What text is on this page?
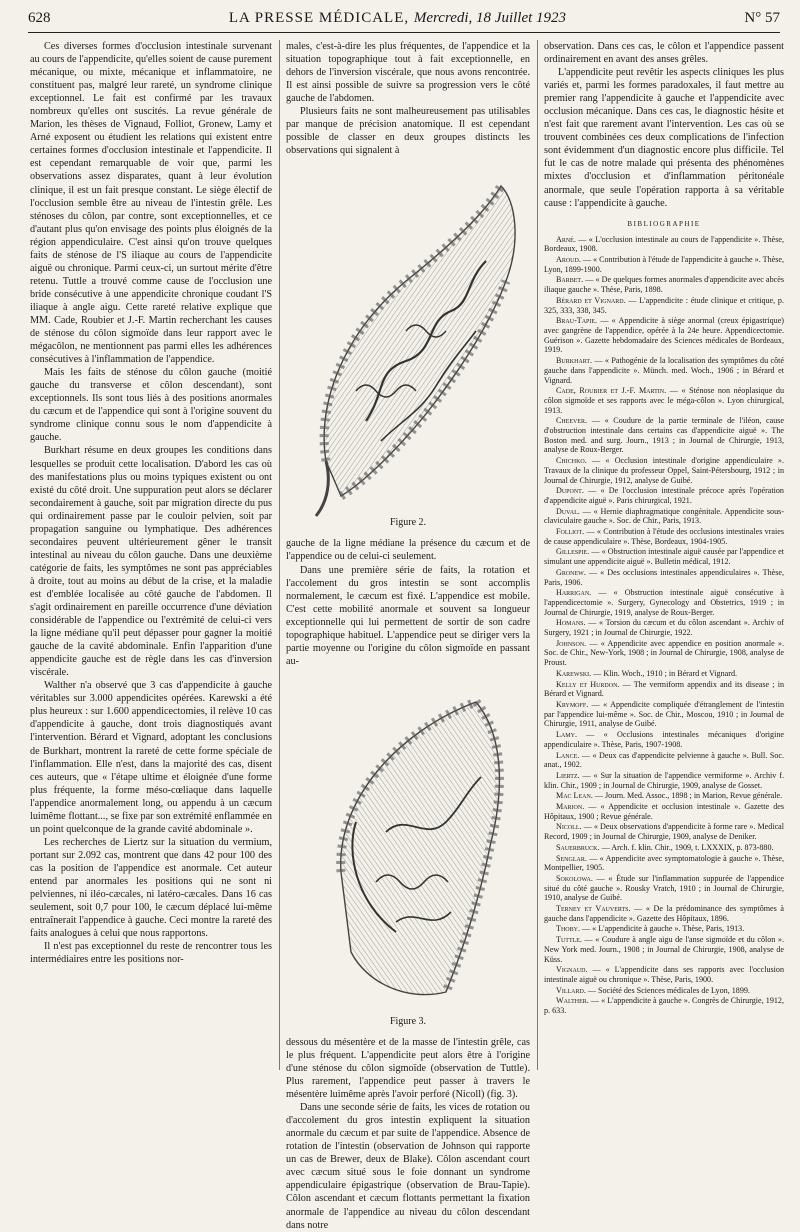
628	LA PRESSE MÉDICALE, Mercredi, 18 Juillet 1923	N° 57

Ces diverses formes d'occlusion intestinale survenant au cours de l'appendicite, qu'elles soient de cause purement mécanique, ou mixte, mécanique et inflammatoire, ne constituent pas, malgré leur rareté, un syndrome clinique exceptionnel. Le fait est confirmé par les travaux nombreux qu'elles ont suscités. La revue générale de Marion, les thèses de Vignaud, Folliot, Gronew, Lamy et Arné exposent ou étudient les relations qui existent entre certaines formes d'occlusion intestinale et l'appendicite. Il est cependant remarquable de voir que, parmi les observations assez disparates, quant à leur évolution clinique, il est un fait presque constant. Le siège électif de l'occlusion semble être au niveau de l'intestin grêle. Les sténoses du côlon, par contre, sont exceptionnelles, et ce d'autant plus qu'on envisage des points plus éloignés de la région appendiculaire. C'est ainsi qu'on trouve quelques faits de sténose de l'S iliaque au cours de l'appendicite aiguë ou chronique. Parmi ceux-ci, un surtout mérite d'être retenu. Tuttle a trouvé comme cause de l'occlusion une bride consécutive à une appendicite chronique coudant l'S iliaque à angle aigu. Cette rareté relative explique que MM. Cade, Roubier et J.-F. Martin recherchant les causes de sténose du côlon sigmoïde dans leur rapport avec le mégacôlon, ne mentionnent pas parmi elles les adhérences consécutives à l'inflammation de l'appendice.

Mais les faits de sténose du côlon gauche (moitié gauche du transverse et côlon descendant), sont exceptionnels. Ils sont tous liés à des positions anormales du cæcum et de l'appendice qui sont à l'origine souvent du syndrome clinique connu sous le nom d'appendicite à gauche.

Burkhart résume en deux groupes les conditions dans lesquelles se produit cette localisation. D'abord les cas où des manifestations plus ou moins typiques existent ou ont existé du côté droit. Une suppuration peut alors se déclarer secondairement à gauche, soit par migration directe du pus qui ordinairement passe par le couloir pelvien, soit par propagation sanguine ou lymphatique. Des adhérences secondaires peuvent ultérieurement gêner le transit intestinal au niveau du côlon gauche. Dans une deuxième catégorie de faits, les symptômes ne sont pas appréciables à droite, tout au moins au début de la crise, et la maladie est d'emblée localisée au côté gauche de l'abdomen. Il s'agit ordinairement en pareille occurrence d'une déviation considérable de l'appendice ou l'extrémité de celui-ci vers la ligne médiane qu'il peut dépasser pour gagner la moitié gauche de la cavité abdominale. Enfin l'apparition d'une appendicite gauche est de règle dans les cas d'inversion viscérale.

Walther n'a observé que 3 cas d'appendicite à gauche véritables sur 3.000 appendicites opérées. Karewski a été plus heureux : sur 1.600 appendicectomies, il relève 10 cas d'appendicite à gauche, dont trois diagnostiqués avant l'intervention. Bérard et Vignard, adoptant les conclusions de Burkhart, montrent la rareté de cette forme spéciale de l'inflammation. Elle n'est, dans la majorité des cas, disent ces auteurs, que « l'étape ultime et éloignée d'une forme plus fréquente, la forme méso-cœliaque dans laquelle l'appendice anormalement long, ou appendu à un cæcum luimême flottant..., se fixe par son extrémité enflammée en un point quelconque de la grande cavité abdominale ».

Les recherches de Liertz sur la situation du vermium, portant sur 2.092 cas, montrent que dans 42 pour 100 des cas la position de l'appendice est anormale. Cet auteur entend par anormales les positions qui ne sont ni pelviennes, ni iléo-cæcales, ni latéro-cæcales. Dans 16 cas seulement, soit 0,7 pour 100, le cæcum déplacé lui-même entraînerait l'appendice à gauche. Ceci montre la rareté des faits analogues à celui que nous rapportons.

Il n'est pas exceptionnel du reste de rencontrer tous les intermédiaires entre les positions nor-

males, c'est-à-dire les plus fréquentes, de l'appendice et la situation topographique tout à fait exceptionnelle, en dehors de l'inversion viscérale, que nous avons rencontrée. Il est ainsi possible de suivre sa progression vers le côté gauche de l'abdomen.

Plusieurs faits ne sont malheureusement pas utilisables par manque de précision anatomique. Il est cependant possible de classer en deux groupes distincts les observations qui signalent à

Figure 2.

gauche de la ligne médiane la présence du cæcum et de l'appendice ou de celui-ci seulement.

Dans une première série de faits, la rotation et l'accolement du gros intestin se sont accomplis normalement, le cæcum est fixé. L'appendice est mobile. C'est cette mobilité anormale et souvent sa longueur exceptionnelle qui lui permettent de sortir de son cadre topographique habituel. L'appendice peut se diriger vers la partie moyenne ou l'origine du côlon sigmoïde en passant au-

Figure 3.

dessous du mésentère et de la masse de l'intestin grêle, cas le plus fréquent. L'appendicite peut alors être à l'origine d'une sténose du côlon sigmoïde (observation de Tuttle). Plus rarement, l'appendice peut passer à travers le mésentère luimême après l'avoir perforé (Nicoll) (fig. 3).

Dans une seconde série de faits, les vices de rotation ou d'accolement du gros intestin expliquent la situation anormale du cæcum et par suite de l'appendice. Absence de rotation de l'intestin (observation de Johnson qui rapporte un cas de Brewer, deux de Blake). Côlon ascendant court avec cæcum situé sous le foie donnant un syndrome appendiculaire épigastrique (observation de Brau-Tapie). Côlon ascendant et cæcum flottants permettant la fixation anormale de l'appendice au niveau du côlon descendant dans notre

observation. Dans ces cas, le côlon et l'appendice passent ordinairement en avant des anses grêles.

L'appendicite peut revêtir les aspects cliniques les plus variés et, parmi les formes paradoxales, il faut mettre au premier rang l'appendicite à gauche et l'appendicite avec occlusion mécanique. Dans ces cas, le diagnostic hésite et n'est fait que rarement avant l'intervention. Les cas où se trouvent combinées ces deux complications de l'infection sont évidemment d'un diagnostic encore plus difficile. Tel fut le cas de notre malade qui présenta des phénomènes mixtes d'occlusion et d'inflammation péritonéale anormale, que seule l'opération rapporta à sa véritable cause : l'appendicite à gauche.

BIBLIOGRAPHIE

Arné. — « L'occlusion intestinale au cours de l'appendicite ». Thèse, Bordeaux, 1908.

Aroud. — « Contribution à l'étude de l'appendicite à gauche ». Thèse, Lyon, 1899-1900.

Barbet. — « De quelques formes anormales d'appendicite avec abcès iliaque gauche ». Thèse, Paris, 1898.

Bérard et Vignard. — L'appendicite : étude clinique et critique, p. 325, 333, 338, 345.

Brau-Tapie. — « Appendicite à siège anormal (creux épigastrique) avec gangrène de l'appendice, opérée à la 24e heure. Appendicectomie. Guérison ». Gazette hebdomadaire des Sciences médicales de Bordeaux, 1919.

Burkhart. — « Pathogénie de la localisation des symptômes du côté gauche dans l'appendicite ». Münch. med. Woch., 1906 ; in Bérard et Vignard.

Cade, Roubier et J.-F. Martin. — « Sténose non néoplasique du côlon sigmoïde et ses rapports avec le méga-côlon ». Lyon chirurgical, 1913.

Cheever. — « Coudure de la partie terminale de l'iléon, cause d'obstruction intestinale dans certains cas d'appendicite aiguë ». The Boston med. and surg. Journ., 1913 ; in Journal de Chirurgie, 1913, analyse de Roux-Berger.

Chichko. — « Occlusion intestinale d'origine appendiculaire ». Travaux de la clinique du professeur Oppel, Saint-Pétersbourg, 1912 ; in Journal de Chirurgie, 1912, analyse de Guibé.

Dupont. — « De l'occlusion intestinale précoce après l'opération d'appendicite aiguë ». Paris chirurgical, 1921.

Duval. — « Hernie diaphragmatique congénitale. Appendicite sous-claviculaire gauche ». Soc. de Chir., Paris, 1913.

Folliot. — « Contribution à l'étude des occlusions intestinales vraies de cause appendiculaire ». Thèse, Bordeaux, 1904-1905.

Gillespie. — « Obstruction intestinale aiguë causée par l'appendice et simulant une appendicite aiguë ». Bulletin médical, 1912.

Gronew. — « Des occlusions intestinales appendiculaires ». Thèse, Paris, 1906.

Harrigan. — « Obstruction intestinale aiguë consécutive à l'appendicectomie ». Surgery, Gynecology and Obstetrics, 1919 ; in Journal de Chirurgie, 1919, analyse de Roux-Berger.

Homans. — « Torsion du cæcum et du côlon ascendant ». Archiv of Surgery, 1921 ; in Journal de Chirurgie, 1922.

Johnson. — « Appendicite avec appendice en position anormale ». Soc. de Chir., New-York, 1908 ; in Journal de Chirurgie, 1908, analyse de Proust.

Karewski. — Klin. Woch., 1910 ; in Bérard et Vignard.

Kelly et Hurdon. — The vermiform appendix and its disease ; in Bérard et Vignard.

Krymoff. — « Appendicite compliquée d'étranglement de l'intestin par l'appendice lui-même ». Soc. de Chir., Moscou, 1910 ; in Journal de Chirurgie, 1911, analyse de Guibé.

Lamy. — « Occlusions intestinales mécaniques d'origine appendiculaire ». Thèse, Paris, 1907-1908.

Lance. — « Deux cas d'appendicite pelvienne à gauche ». Bull. Soc. anat., 1902.

Liertz. — « Sur la situation de l'appendice vermiforme ». Archiv f. klin. Chir., 1909 ; in Journal de Chirurgie, 1909, analyse de Gosset.

Mac Lean. — Journ. Med. Assoc., 1898 ; in Marion, Revue générale.

Marion. — « Appendicite et occlusion intestinale ». Gazette des Hôpitaux, 1900 ; Revue générale.

Nicoll. — « Deux observations d'appendicite à forme rare ». Medical Record, 1909 ; in Journal de Chirurgie, 1909, analyse de Deniker.

Sauerbruck. — Arch. f. klin. Chir., 1909, t. LXXXIX, p. 873-880.

Senglar. — « Appendicite avec symptomatologie à gauche ». Thèse, Montpellier, 1905.

Sokolowa. — « Étude sur l'inflammation suppurée de l'appendice situé du côté gauche ». Rousky Vratch, 1910 ; in Journal de Chirurgie, 1910, analyse de Guibé.

Terney et Vauverts. — « De la prédominance des symptômes à gauche dans l'appendicite ». Gazette des Hôpitaux, 1896.

Thoby. — « L'appendicite à gauche ». Thèse, Paris, 1913.

Tuttle. — « Coudure à angle aigu de l'anse sigmoïde et du côlon ». New York med. Journ., 1908 ; in Journal de Chirurgie, 1908, analyse de Küss.

Vignaud. — « L'appendicite dans ses rapports avec l'occlusion intestinale aiguë ou chronique ». Thèse, Paris, 1900.

Villard. — Société des Sciences médicales de Lyon, 1899.

Walther. — « L'appendicite à gauche ». Congrès de Chirurgie, 1912, p. 633.
